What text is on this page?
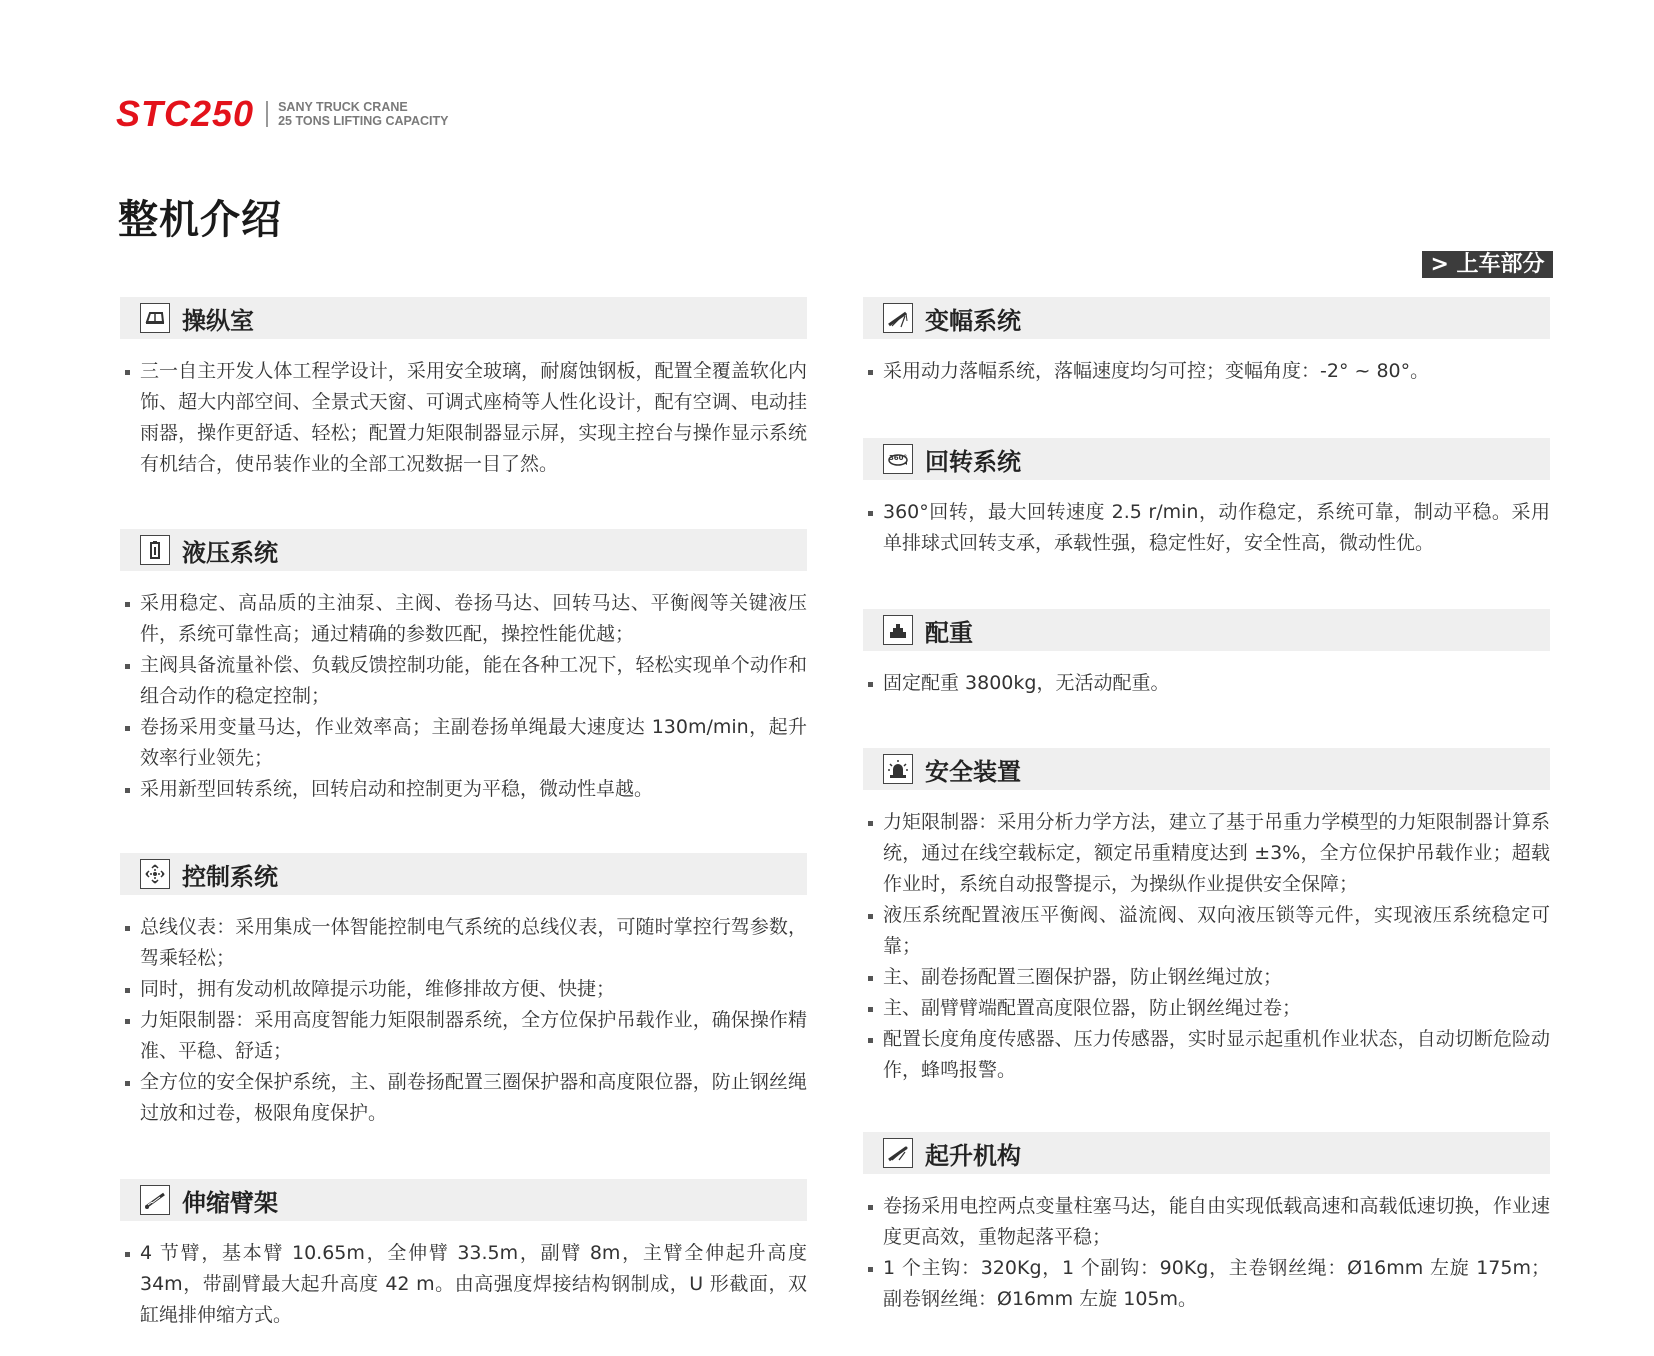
STC250 SANY TRUCK CRANE
25 TONS LIFTING CAPACITY
整机介绍
> 上车部分
操纵室
三一自主开发人体工程学设计，采用安全玻璃，耐腐蚀钢板，配置全覆盖软化内饰、超大内部空间、全景式天窗、可调式座椅等人性化设计，配有空调、电动挂雨器，操作更舒适、轻松；配置力矩限制器显示屏，实现主控台与操作显示系统有机结合，使吊装作业的全部工况数据一目了然。
液压系统
采用稳定、高品质的主油泵、主阀、卷扬马达、回转马达、平衡阀等关键液压件，系统可靠性高；通过精确的参数匹配，操控性能优越；
主阀具备流量补偿、负载反馈控制功能，能在各种工况下，轻松实现单个动作和组合动作的稳定控制；
卷扬采用变量马达，作业效率高；主副卷扬单绳最大速度达 130m/min，起升效率行业领先；
采用新型回转系统，回转启动和控制更为平稳，微动性卓越。
控制系统
总线仪表：采用集成一体智能控制电气系统的总线仪表，可随时掌控行驾参数，驾乘轻松；
同时，拥有发动机故障提示功能，维修排故方便、快捷；
力矩限制器：采用高度智能力矩限制器系统，全方位保护吊载作业，确保操作精准、平稳、舒适；
全方位的安全保护系统，主、副卷扬配置三圈保护器和高度限位器，防止钢丝绳过放和过卷，极限角度保护。
伸缩臂架
4 节臂，基本臂 10.65m，全伸臂 33.5m，副臂 8m，主臂全伸起升高度 34m，带副臂最大起升高度 42 m。由高强度焊接结构钢制成，U 形截面，双缸绳排伸缩方式。
变幅系统
采用动力落幅系统，落幅速度均匀可控；变幅角度：-2° ~ 80°。
360° 回转系统
360°回转，最大回转速度 2.5 r/min，动作稳定，系统可靠，制动平稳。采用单排球式回转支承，承载性强，稳定性好，安全性高，微动性优。
配重
固定配重 3800kg，无活动配重。
安全装置
力矩限制器：采用分析力学方法，建立了基于吊重力学模型的力矩限制器计算系统，通过在线空载标定，额定吊重精度达到 ±3%，全方位保护吊载作业；超载作业时，系统自动报警提示，为操纵作业提供安全保障；
液压系统配置液压平衡阀、溢流阀、双向液压锁等元件，实现液压系统稳定可靠；
主、副卷扬配置三圈保护器，防止钢丝绳过放；
主、副臂臂端配置高度限位器，防止钢丝绳过卷；
配置长度角度传感器、压力传感器，实时显示起重机作业状态，自动切断危险动作，蜂鸣报警。
起升机构
卷扬采用电控两点变量柱塞马达，能自由实现低载高速和高载低速切换，作业速度更高效，重物起落平稳；
1 个主钩：320Kg，1 个副钩：90Kg，主卷钢丝绳：Ø16mm 左旋 175m；副卷钢丝绳：Ø16mm 左旋 105m。
